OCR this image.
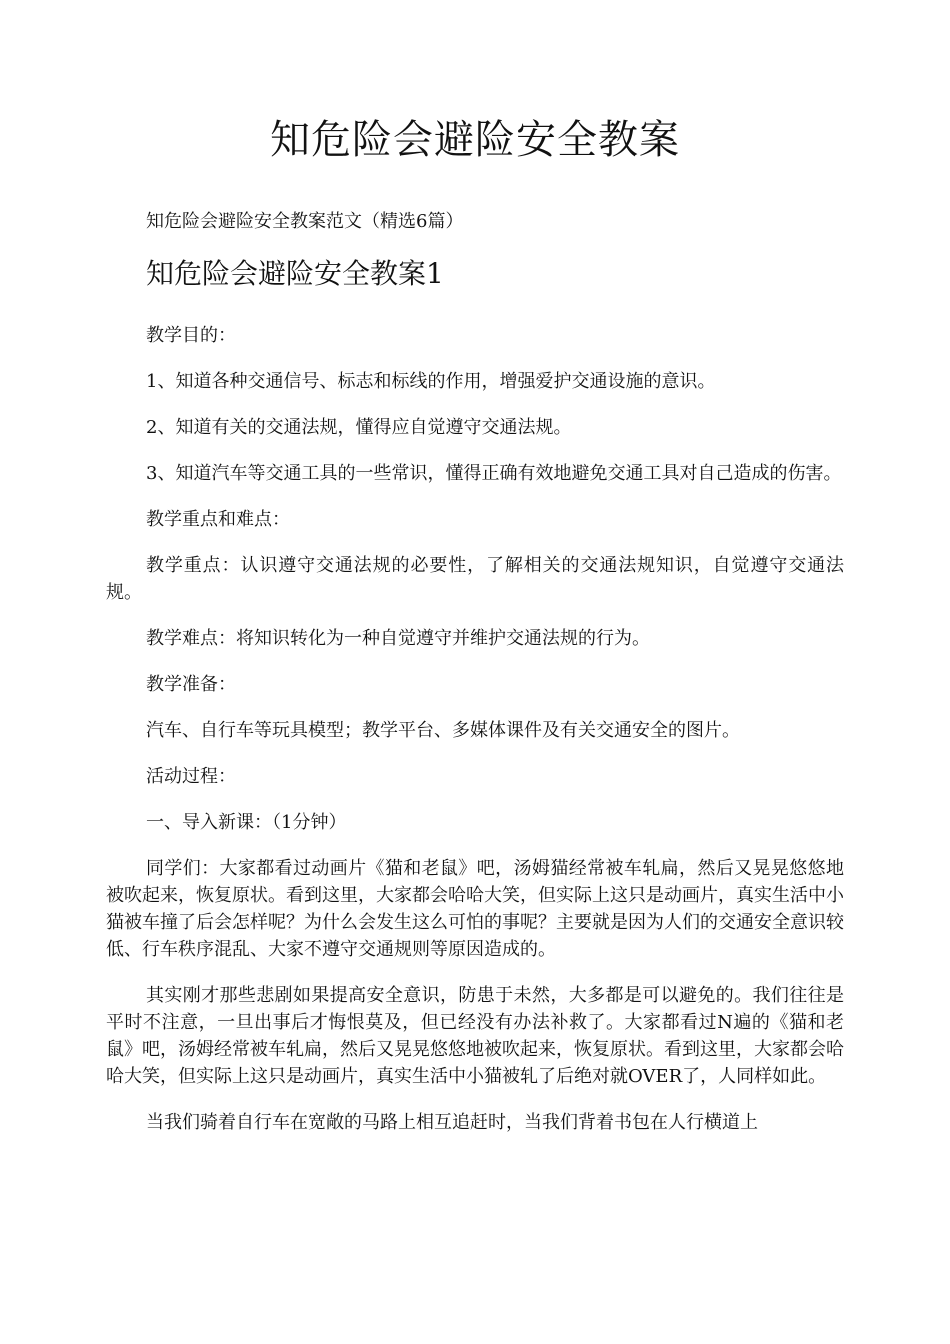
知危险会避险安全教案

知危险会避险安全教案范文（精选6篇）

知危险会避险安全教案1

教学目的：

1、知道各种交通信号、标志和标线的作用，增强爱护交通设施的意识。

2、知道有关的交通法规，懂得应自觉遵守交通法规。

3、知道汽车等交通工具的一些常识，懂得正确有效地避免交通工具对自己造成的伤害。

教学重点和难点：

教学重点：认识遵守交通法规的必要性，了解相关的交通法规知识，自觉遵守交通法规。

教学难点：将知识转化为一种自觉遵守并维护交通法规的行为。

教学准备：

汽车、自行车等玩具模型；教学平台、多媒体课件及有关交通安全的图片。

活动过程：

一、导入新课：（1分钟）

同学们：大家都看过动画片《猫和老鼠》吧，汤姆猫经常被车轧扁，然后又晃晃悠悠地被吹起来，恢复原状。看到这里，大家都会哈哈大笑，但实际上这只是动画片，真实生活中小猫被车撞了后会怎样呢？为什么会发生这么可怕的事呢？主要就是因为人们的交通安全意识较低、行车秩序混乱、大家不遵守交通规则等原因造成的。

其实刚才那些悲剧如果提高安全意识，防患于未然，大多都是可以避免的。我们往往是平时不注意，一旦出事后才悔恨莫及，但已经没有办法补救了。大家都看过N遍的《猫和老鼠》吧，汤姆经常被车轧扁，然后又晃晃悠悠地被吹起来，恢复原状。看到这里，大家都会哈哈大笑，但实际上这只是动画片，真实生活中小猫被轧了后绝对就OVER了，人同样如此。

当我们骑着自行车在宽敞的马路上相互追赶时，当我们背着书包在人行横道上
